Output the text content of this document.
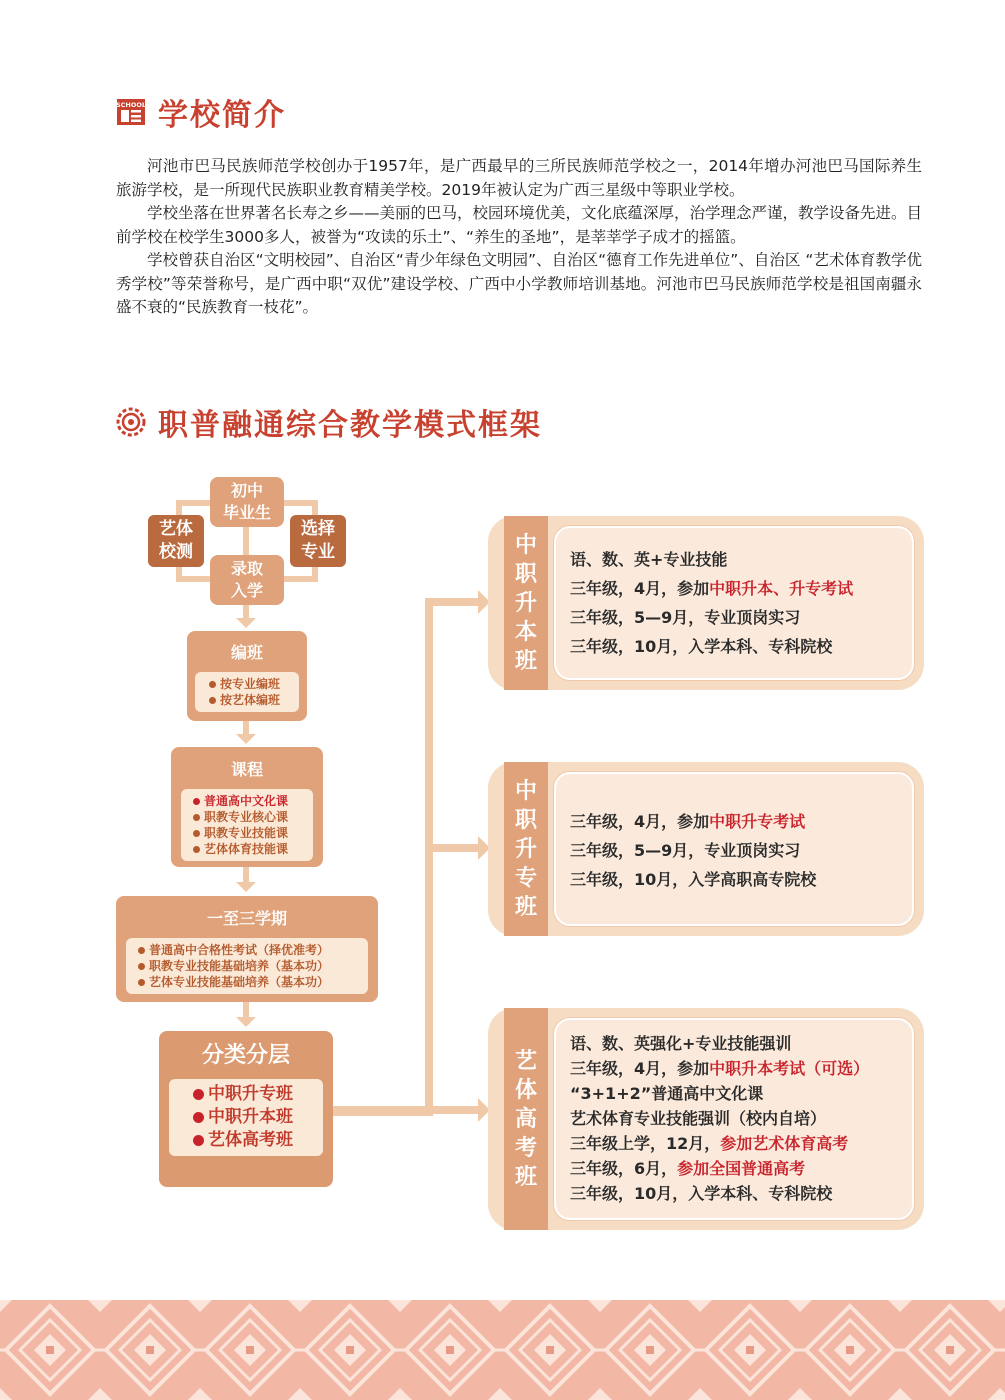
SCHOOL 学校简介

河池市巴马民族师范学校创办于1957年，是广西最早的三所民族师范学校之一，2014年增办河池巴马国际养生旅游学校，是一所现代民族职业教育精美学校。2019年被认定为广西三星级中等职业学校。

学校坐落在世界著名长寿之乡——美丽的巴马，校园环境优美，文化底蕴深厚，治学理念严谨，教学设备先进。目前学校在校学生3000多人，被誉为“攻读的乐土”、“养生的圣地”，是莘莘学子成才的摇篮。

学校曾获自治区“文明校园”、自治区“青少年绿色文明园”、自治区“德育工作先进单位”、自治区 “艺术体育教学优秀学校”等荣誉称号，是广西中职“双优”建设学校、广西中小学教师培训基地。河池市巴马民族师范学校是祖国南疆永盛不衰的“民族教育一枝花”。

职普融通综合教学模式框架
初中
毕业生
艺体
校测
选择
专业
录取
入学
编班
按专业编班
按艺体编班
课程
普通高中文化课
职教专业核心课
职教专业技能课
艺体体育技能课
一至三学期
普通高中合格性考试（择优准考）
职教专业技能基础培养（基本功）
艺体专业技能基础培养（基本功）
分类分层
中职升专班
中职升本班
艺体高考班
中
职
升
本
班
语、数、英+专业技能
三年级，4月，参加中职升本、升专考试
三年级，5—9月，专业顶岗实习
三年级，10月，入学本科、专科院校
中
职
升
专
班
三年级，4月，参加中职升专考试
三年级，5—9月，专业顶岗实习
三年级，10月，入学高职高专院校
艺
体
高
考
班
语、数、英强化+专业技能强训
三年级，4月，参加中职升本考试（可选）
“3+1+2”普通高中文化课
艺术体育专业技能强训（校内自培）
三年级上学，12月，参加艺术体育高考
三年级，6月，参加全国普通高考
三年级，10月，入学本科、专科院校
